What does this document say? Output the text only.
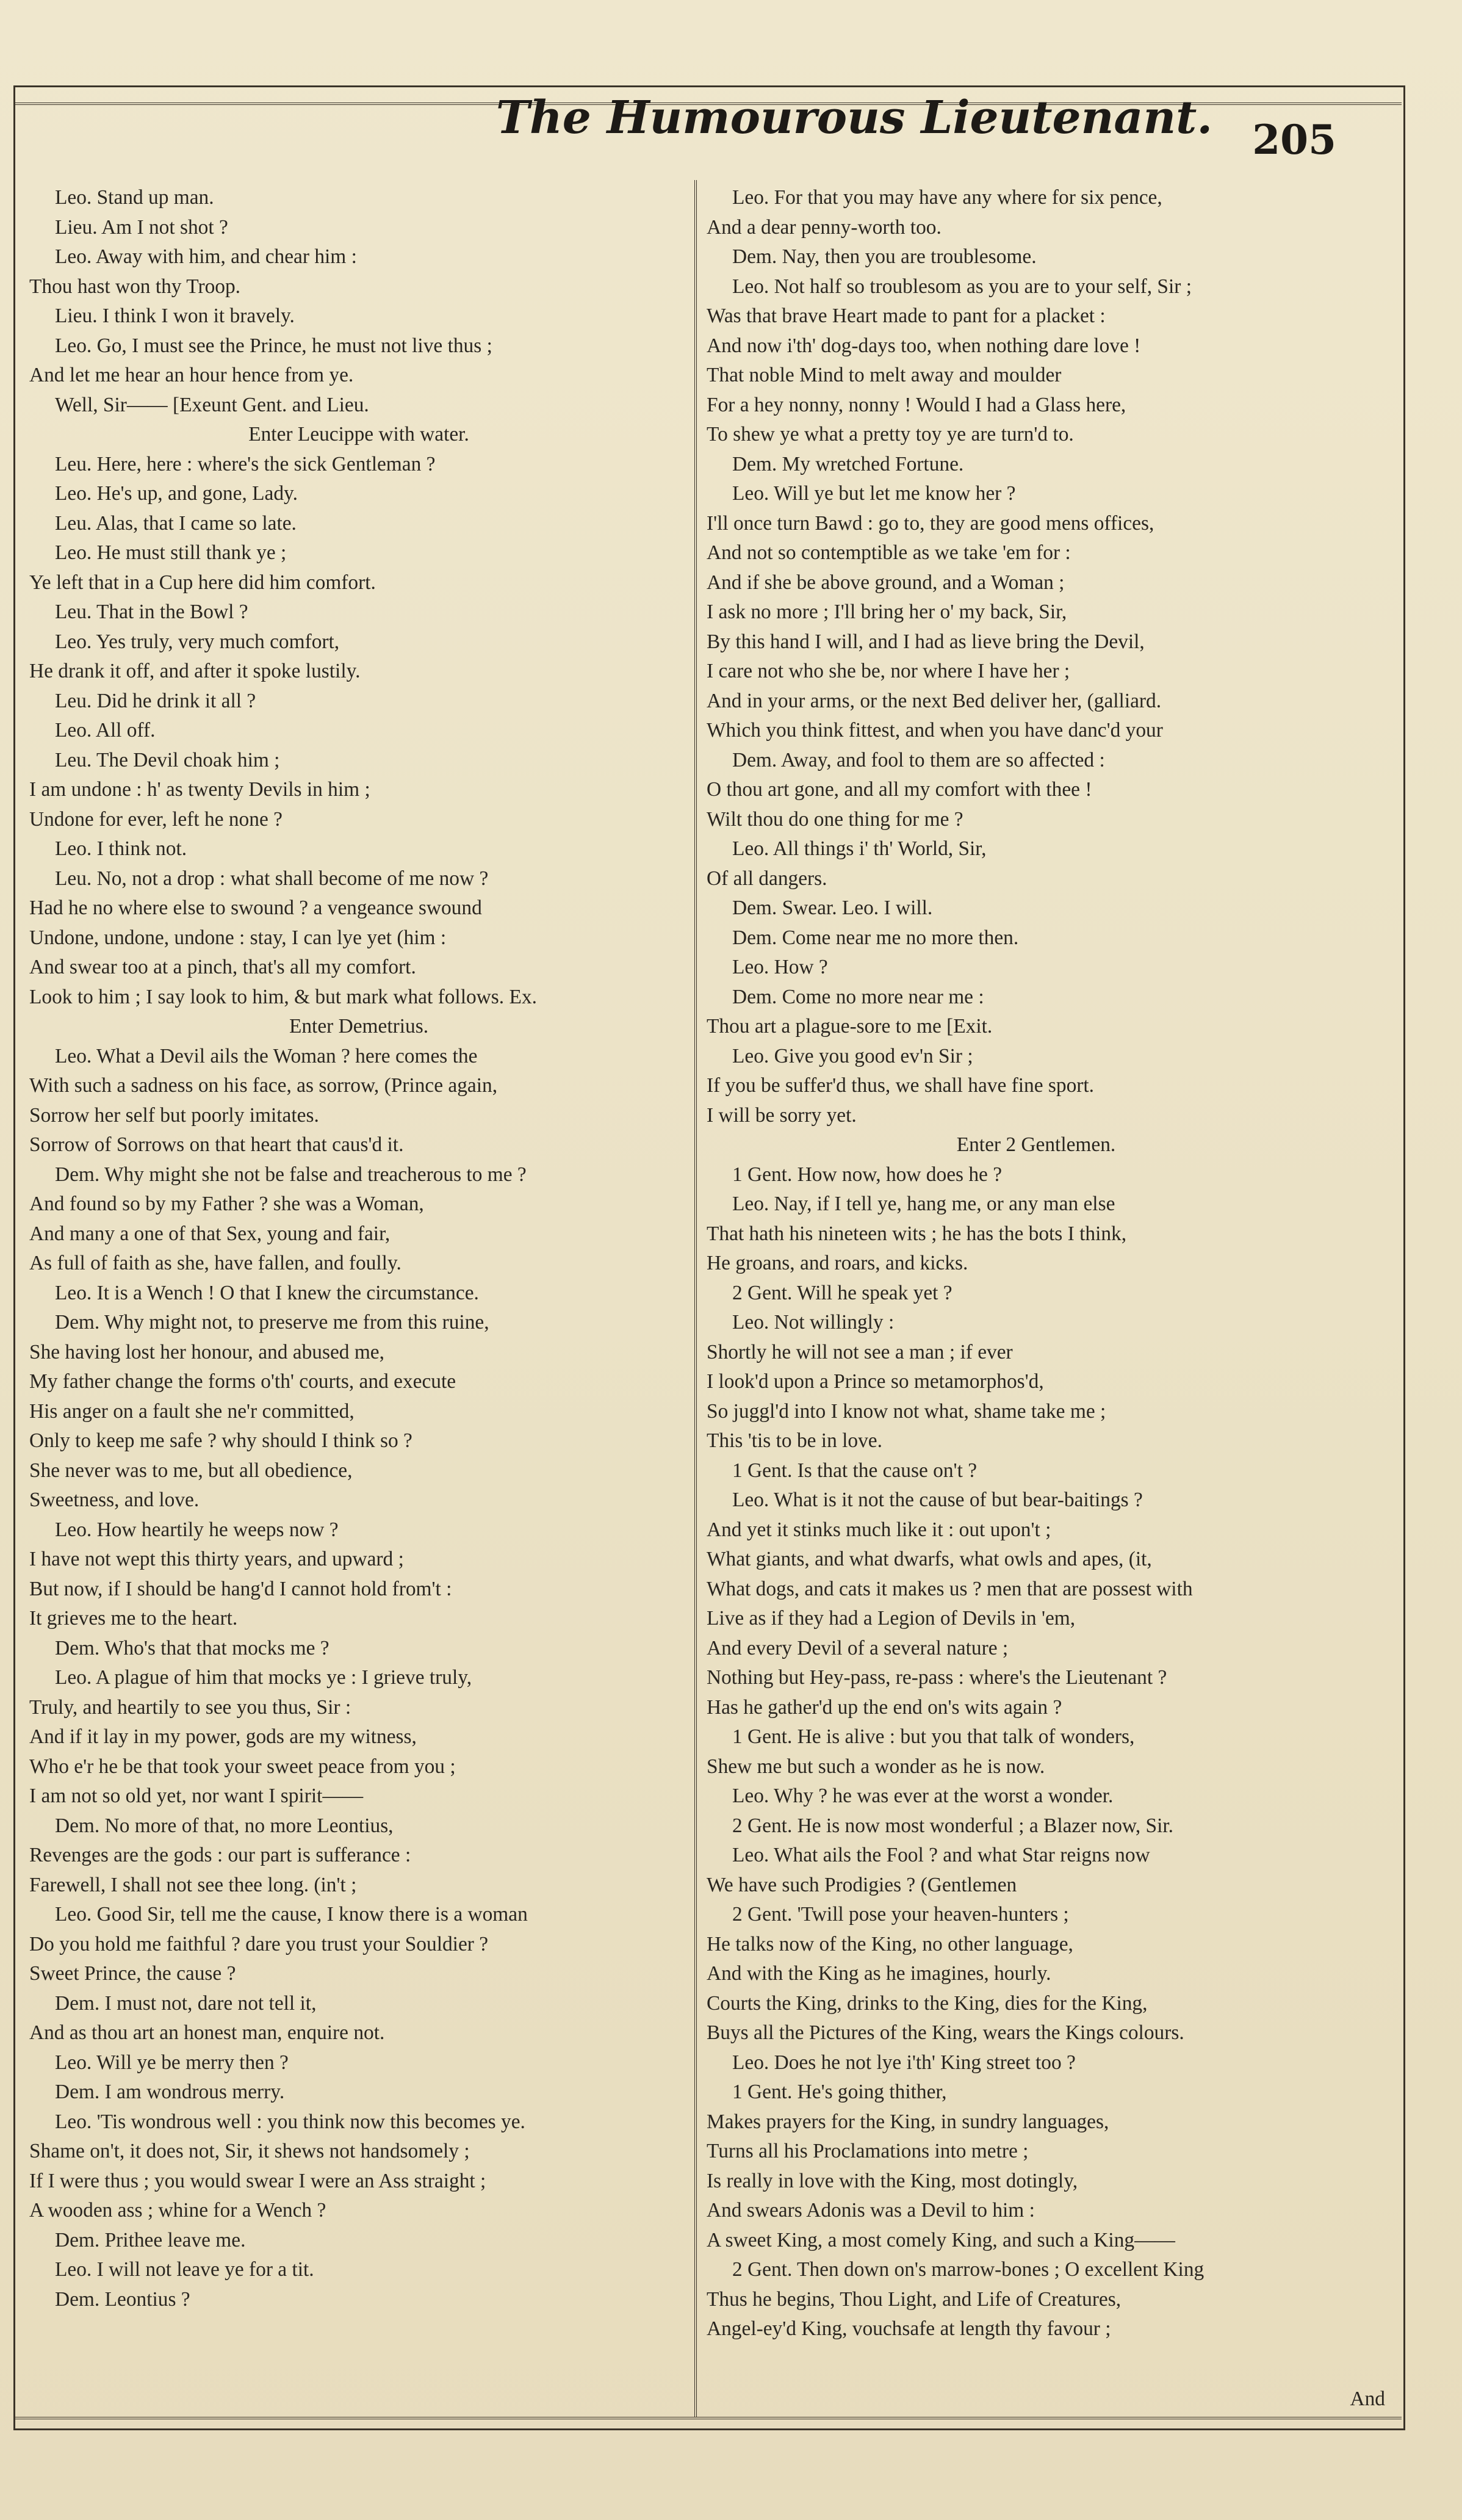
The Humourous Lieutenant. 205
Leo. Stand up man.
Lieu. Am I not shot ?
Leo. Away with him, and chear him :
Thou hast won thy Troop.
Lieu. I think I won it bravely.
Leo. Go, I must see the Prince, he must not live thus ;
And let me hear an hour hence from ye.
Well, Sir—— [Exeunt Gent. and Lieu.
Enter Leucippe with water.
Leu. Here, here : where's the sick Gentleman ?
Leo. He's up, and gone, Lady.
Leu. Alas, that I came so late.
Leo. He must still thank ye ;
Ye left that in a Cup here did him comfort.
Leu. That in the Bowl ?
Leo. Yes truly, very much comfort,
He drank it off, and after it spoke lustily.
Leu. Did he drink it all ?
Leo. All off.
Leu. The Devil choak him ;
I am undone : h' as twenty Devils in him ;
Undone for ever, left he none ?
Leo. I think not.
Leu. No, not a drop : what shall become of me now ?
Had he no where else to swound ? a vengeance swound
Undone, undone, undone : stay, I can lye yet (him :
And swear too at a pinch, that's all my comfort.
Look to him ; I say look to him, & but mark what follows. Ex.
Enter Demetrius.
Leo. What a Devil ails the Woman ? here comes the
With such a sadness on his face, as sorrow, (Prince again,
Sorrow her self but poorly imitates.
Sorrow of Sorrows on that heart that caus'd it.
Dem. Why might she not be false and treacherous to me ?
And found so by my Father ? she was a Woman,
And many a one of that Sex, young and fair,
As full of faith as she, have fallen, and foully.
Leo. It is a Wench ! O that I knew the circumstance.
Dem. Why might not, to preserve me from this ruine,
She having lost her honour, and abused me,
My father change the forms o'th' courts, and execute
His anger on a fault she ne'r committed,
Only to keep me safe ? why should I think so ?
She never was to me, but all obedience,
Sweetness, and love.
Leo. How heartily he weeps now ?
I have not wept this thirty years, and upward ;
But now, if I should be hang'd I cannot hold from't :
It grieves me to the heart.
Dem. Who's that that mocks me ?
Leo. A plague of him that mocks ye : I grieve truly,
Truly, and heartily to see you thus, Sir :
And if it lay in my power, gods are my witness,
Who e'r he be that took your sweet peace from you ;
I am not so old yet, nor want I spirit——
Dem. No more of that, no more Leontius,
Revenges are the gods : our part is sufferance :
Farewell, I shall not see thee long. (in't ;
Leo. Good Sir, tell me the cause, I know there is a woman
Do you hold me faithful ? dare you trust your Souldier ?
Sweet Prince, the cause ?
Dem. I must not, dare not tell it,
And as thou art an honest man, enquire not.
Leo. Will ye be merry then ?
Dem. I am wondrous merry.
Leo. 'Tis wondrous well : you think now this becomes ye.
Shame on't, it does not, Sir, it shews not handsomely ;
If I were thus ; you would swear I were an Ass straight ;
A wooden ass ; whine for a Wench ?
Dem. Prithee leave me.
Leo. I will not leave ye for a tit.
Dem. Leontius ?
Leo. For that you may have any where for six pence,
And a dear penny-worth too.
Dem. Nay, then you are troublesome.
Leo. Not half so troublesom as you are to your self, Sir ;
Was that brave Heart made to pant for a placket :
And now i'th' dog-days too, when nothing dare love !
That noble Mind to melt away and moulder
For a hey nonny, nonny ! Would I had a Glass here,
To shew ye what a pretty toy ye are turn'd to.
Dem. My wretched Fortune.
Leo. Will ye but let me know her ?
I'll once turn Bawd : go to, they are good mens offices,
And not so contemptible as we take 'em for :
And if she be above ground, and a Woman ;
I ask no more ; I'll bring her o' my back, Sir,
By this hand I will, and I had as lieve bring the Devil,
I care not who she be, nor where I have her ;
And in your arms, or the next Bed deliver her, (galliard.
Which you think fittest, and when you have danc'd your
Dem. Away, and fool to them are so affected :
O thou art gone, and all my comfort with thee !
Wilt thou do one thing for me ?
Leo. All things i' th' World, Sir,
Of all dangers.
Dem. Swear. Leo. I will.
Dem. Come near me no more then.
Leo. How ?
Dem. Come no more near me :
Thou art a plague-sore to me [Exit.
Leo. Give you good ev'n Sir ;
If you be suffer'd thus, we shall have fine sport.
I will be sorry yet.
Enter 2 Gentlemen.
1 Gent. How now, how does he ?
Leo. Nay, if I tell ye, hang me, or any man else
That hath his nineteen wits ; he has the bots I think,
He groans, and roars, and kicks.
2 Gent. Will he speak yet ?
Leo. Not willingly :
Shortly he will not see a man ; if ever
I look'd upon a Prince so metamorphos'd,
So juggl'd into I know not what, shame take me ;
This 'tis to be in love.
1 Gent. Is that the cause on't ?
Leo. What is it not the cause of but bear-baitings ?
And yet it stinks much like it : out upon't ;
What giants, and what dwarfs, what owls and apes, (it,
What dogs, and cats it makes us ? men that are possest with
Live as if they had a Legion of Devils in 'em,
And every Devil of a several nature ;
Nothing but Hey-pass, re-pass : where's the Lieutenant ?
Has he gather'd up the end on's wits again ?
1 Gent. He is alive : but you that talk of wonders,
Shew me but such a wonder as he is now.
Leo. Why ? he was ever at the worst a wonder.
2 Gent. He is now most wonderful ; a Blazer now, Sir.
Leo. What ails the Fool ? and what Star reigns now
We have such Prodigies ? (Gentlemen
2 Gent. 'Twill pose your heaven-hunters ;
He talks now of the King, no other language,
And with the King as he imagines, hourly.
Courts the King, drinks to the King, dies for the King,
Buys all the Pictures of the King, wears the Kings colours.
Leo. Does he not lye i'th' King street too ?
1 Gent. He's going thither,
Makes prayers for the King, in sundry languages,
Turns all his Proclamations into metre ;
Is really in love with the King, most dotingly,
And swears Adonis was a Devil to him :
A sweet King, a most comely King, and such a King——
2 Gent. Then down on's marrow-bones ; O excellent King
Thus he begins, Thou Light, and Life of Creatures,
Angel-ey'd King, vouchsafe at length thy favour ;
And
